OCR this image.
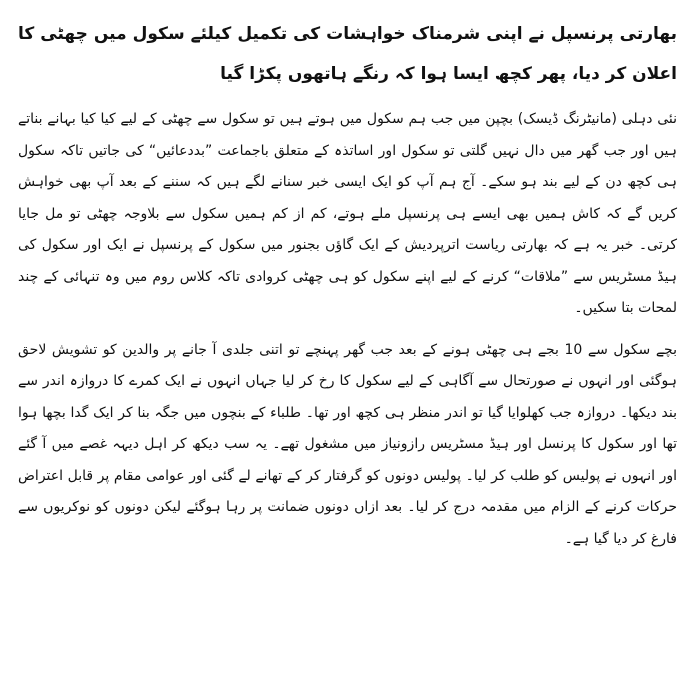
بھارتی پرنسپل نے اپنی شرمناک خواہشات کی تکمیل کیلئے سکول میں چھٹی کا اعلان کر دیا، پھر کچھ ایسا ہوا کہ رنگے ہاتھوں پکڑا گیا

نئی دہلی (مانیٹرنگ ڈیسک) بچپن میں جب ہم سکول میں ہوتے ہیں تو سکول سے چھٹی کے لیے کیا کیا بہانے بناتے ہیں اور جب گھر میں دال نہیں گلتی تو سکول اور اساتذہ کے متعلق باجماعت ”بددعائیں“ کی جاتیں تاکہ سکول ہی کچھ دن کے لیے بند ہو سکے۔ آج ہم آپ کو ایک ایسی خبر سنانے لگے ہیں کہ سننے کے بعد آپ بھی خواہش کریں گے کہ کاش ہمیں بھی ایسے ہی پرنسپل ملے ہوتے، کم از کم ہمیں سکول سے بلاوجہ چھٹی تو مل جایا کرتی۔ خبر یہ ہے کہ بھارتی ریاست اترپردیش کے ایک گاؤں بجنور میں سکول کے پرنسپل نے ایک اور سکول کی ہیڈ مسٹریس سے ”ملاقات“ کرنے کے لیے اپنے سکول کو ہی چھٹی کروادی تاکہ کلاس روم میں وہ تنہائی کے چند لمحات بتا سکیں۔

بچے سکول سے 10 بجے ہی چھٹی ہونے کے بعد جب گھر پہنچے تو اتنی جلدی آ جانے پر والدین کو تشویش لاحق ہوگئی اور انہوں نے صورتحال سے آگاہی کے لیے سکول کا رخ کر لیا جہاں انہوں نے ایک کمرے کا دروازہ اندر سے بند دیکھا۔ دروازہ جب کھلوایا گیا تو اندر منظر ہی کچھ اور تھا۔ طلباء کے بنچوں میں جگہ بنا کر ایک گدا بچھا ہوا تھا اور سکول کا پرنسل اور ہیڈ مسٹریس رازونیاز میں مشغول تھے۔ یہ سب دیکھ کر اہل دیہہ غصے میں آ گئے اور انہوں نے پولیس کو طلب کر لیا۔ پولیس دونوں کو گرفتار کر کے تھانے لے گئی اور عوامی مقام پر قابل اعتراض حرکات کرنے کے الزام میں مقدمہ درج کر لیا۔ بعد ازاں دونوں ضمانت پر رہا ہوگئے لیکن دونوں کو نوکریوں سے فارغ کر دیا گیا ہے۔
